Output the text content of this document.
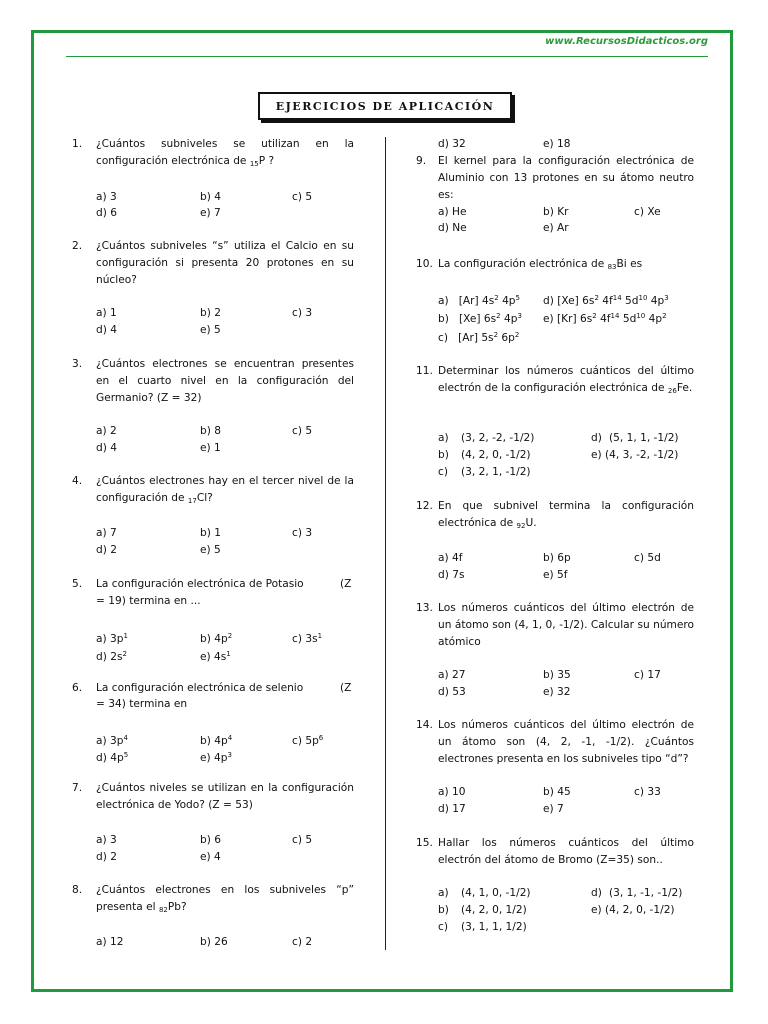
www.RecursosDidacticos.org
EJERCICIOS DE APLICACIÓN
1. ¿Cuántos subniveles se utilizan en la configuración electrónica de $_{15}$P ?
a) 3	b) 4	c) 5
d) 6	e) 7
2. ¿Cuántos subniveles “s” utiliza el Calcio en su configuración si presenta 20 protones en su núcleo?
a) 1	b) 2	c) 3
d) 4	e) 5
3. ¿Cuántos electrones se encuentran presentes en el cuarto nivel en la configuración del Germanio? (Z = 32)
a) 2	b) 8	c) 5
d) 4	e) 1
4. ¿Cuántos electrones hay en el tercer nivel de la configuración de $_{17}$Cl?
a) 7	b) 1	c) 3
d) 2	e) 5
5. La configuración electrónica de Potasio	(Z
= 19) termina en ...
a) $3p^1$	b) $4p^2$	c) $3s^1$
d) $2s^2$	e) $4s^1$
6. La configuración electrónica de selenio	(Z
= 34) termina en
a) $3p^4$	b) $4p^4$	c) $5p^6$
d) $4p^5$	e) $4p^3$
7. ¿Cuántos niveles se utilizan en la configuración electrónica de Yodo? (Z = 53)
a) 3	b) 6	c) 5
d) 2	e) 4
8. ¿Cuántos electrones en los subniveles “p” presenta el $_{82}$Pb?
a) 12	b) 26	c) 2
d) 32	e) 18
9. El kernel para la configuración electrónica de Aluminio con 13 protones en su átomo neutro es:
a) He	b) Kr	c) Xe
d) Ne	e) Ar
10. La configuración electrónica de $_{83}$Bi es
a) [Ar] $4s^2$ $4p^5$ d) [Xe] $6s^2$ $4f^{14}$ $5d^{10}$ $4p^3$
b) [Xe] $6s^2$ $4p^3$ e) [Kr] $6s^2$ $4f^{14}$ $5d^{10}$ $4p^2$
c) [Ar] $5s^2$ $6p^2$
11. Determinar los números cuánticos del último electrón de la configuración electrónica de $_{26}$Fe.
a) (3, 2, -2, -1/2)	d) (5, 1, 1, -1/2)
b) (4, 2, 0, -1/2)	e) (4, 3, -2, -1/2)
c) (3, 2, 1, -1/2)
12. En que subnivel termina la configuración electrónica de $_{92}$U.
a) 4f	b) 6p	c) 5d
d) 7s	e) 5f
13. Los números cuánticos del último electrón de un átomo son (4, 1, 0, -1/2). Calcular su número atómico
a) 27	b) 35	c) 17
d) 53	e) 32
14. Los números cuánticos del último electrón de un átomo son (4, 2, -1, -1/2). ¿Cuántos electrones presenta en los subniveles tipo “d”?
a) 10	b) 45	c) 33
d) 17	e) 7
15. Hallar los números cuánticos del último electrón del átomo de Bromo (Z=35) son..
a) (4, 1, 0, -1/2)	d) (3, 1, -1, -1/2)
b) (4, 2, 0, 1/2)	e) (4, 2, 0, -1/2)
c) (3, 1, 1, 1/2)
